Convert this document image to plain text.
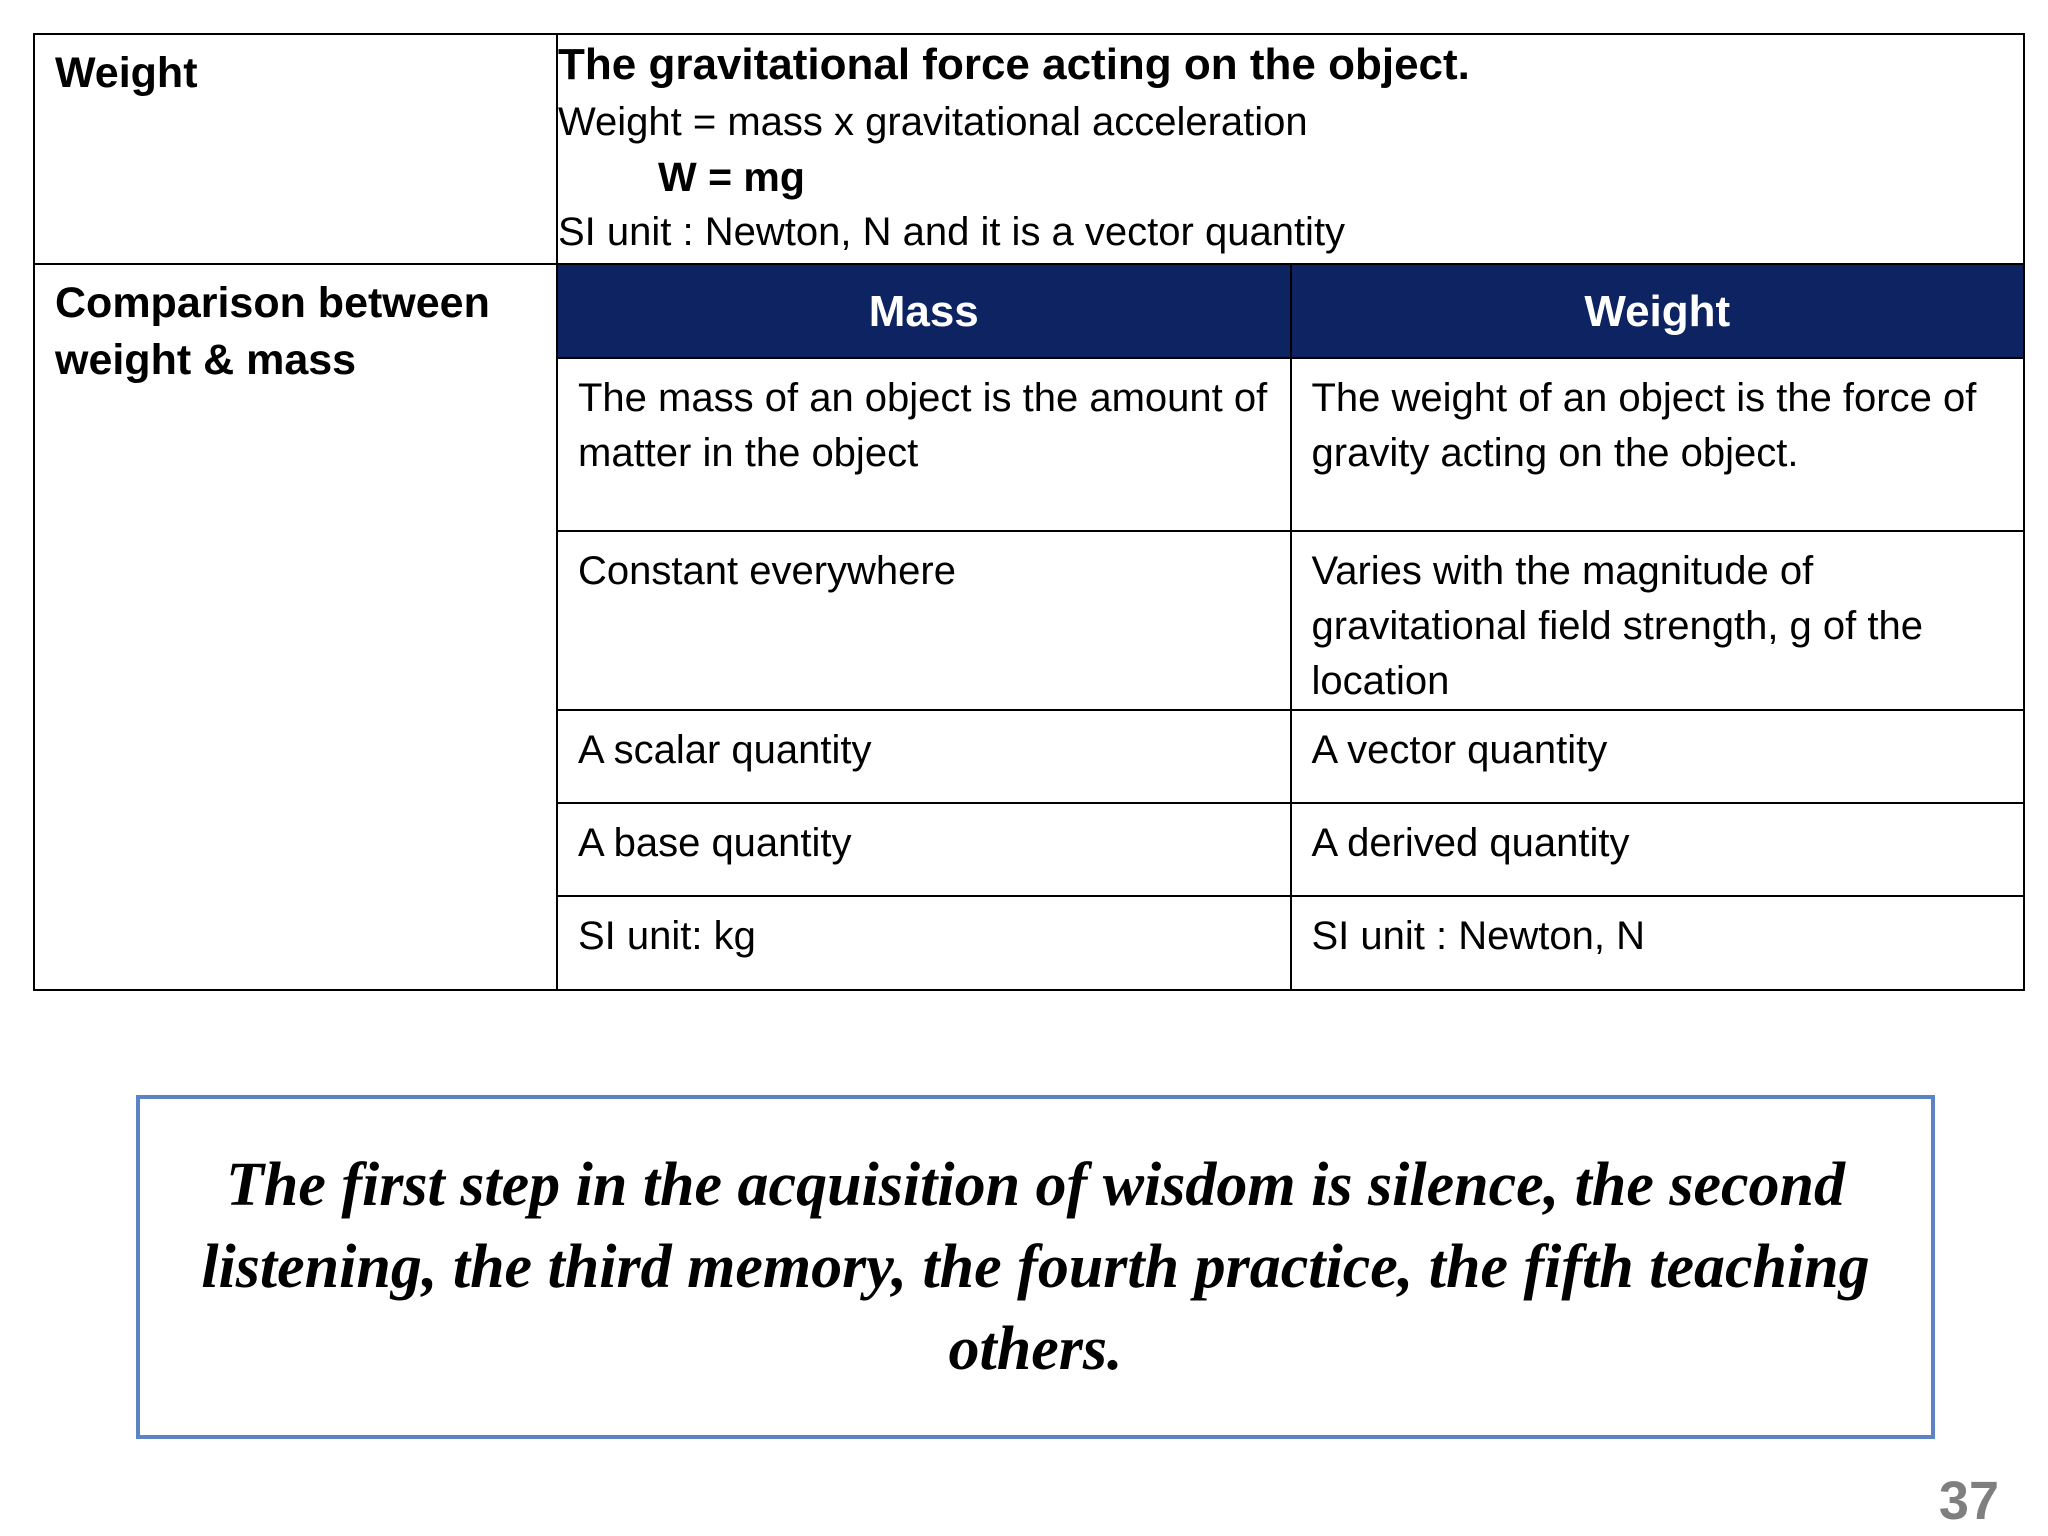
Weight	The gravitational force acting on the object.
Weight = mass x gravitational acceleration
W = mg
SI unit : Newton, N and it is a vector quantity

Comparison between weight & mass

Mass	Weight
The mass of an object is the amount of matter in the object	The weight of an object is the force of gravity acting on the object.
Constant everywhere	Varies with the magnitude of gravitational field strength, g of the location
A scalar quantity	A vector quantity
A base quantity	A derived quantity
SI unit: kg	SI unit : Newton, N
The first step in the acquisition of wisdom is silence, the second listening, the third memory, the fourth practice, the fifth teaching others.
37
